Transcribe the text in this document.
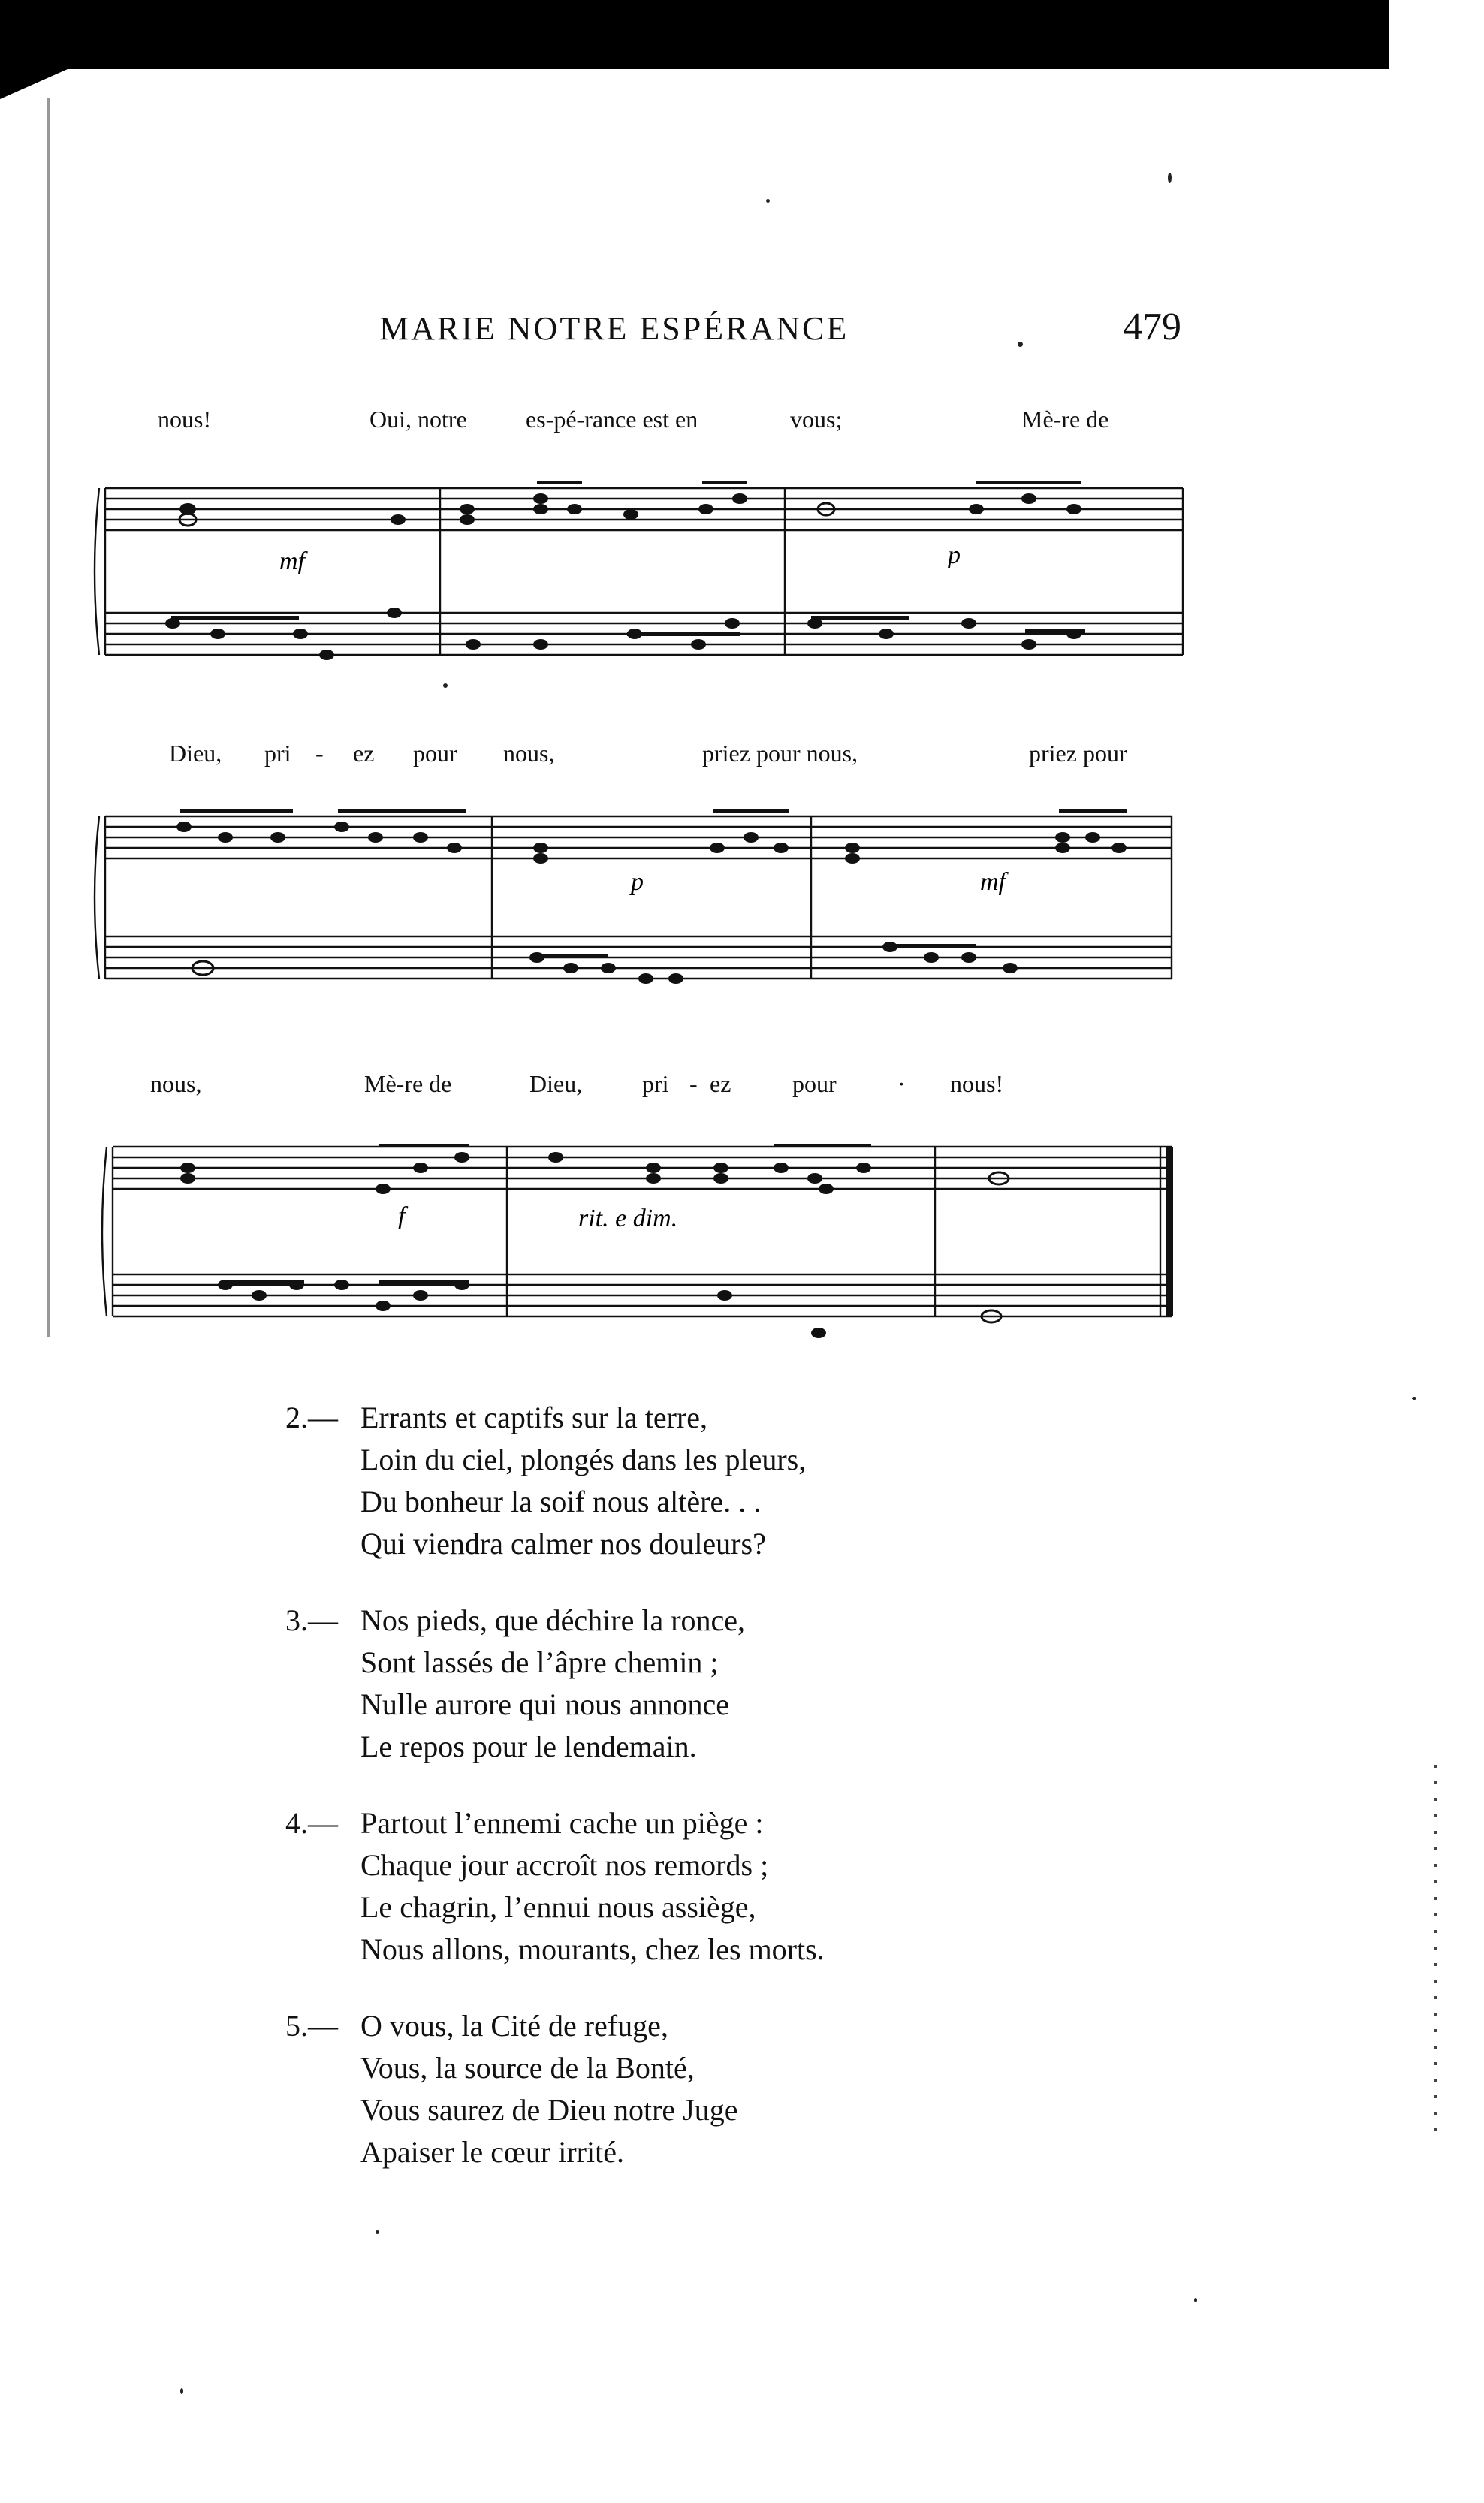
MARIE NOTRE ESPÉRANCE	479
nous!	Oui, notre es-pé-rance est en	vous;	Mè-re de
mf	p
Dieu, pri - ez pour nous,	priez pour nous,	priez pour
p	mf
nous,	Mè-re de	Dieu, pri - ez	pour	· nous!
f	rit. e dim.
2.— Errants et captifs sur la terre,
Loin du ciel, plongés dans les pleurs,
Du bonheur la soif nous altère. . .
Qui viendra calmer nos douleurs?
3.— Nos pieds, que déchire la ronce,
Sont lassés de l’âpre chemin ;
Nulle aurore qui nous annonce
Le repos pour le lendemain.
4.— Partout l’ennemi cache un piège :
Chaque jour accroît nos remords ;
Le chagrin, l’ennui nous assiège,
Nous allons, mourants, chez les morts.
5.— O vous, la Cité de refuge,
Vous, la source de la Bonté,
Vous saurez de Dieu notre Juge
Apaiser le cœur irrité.
